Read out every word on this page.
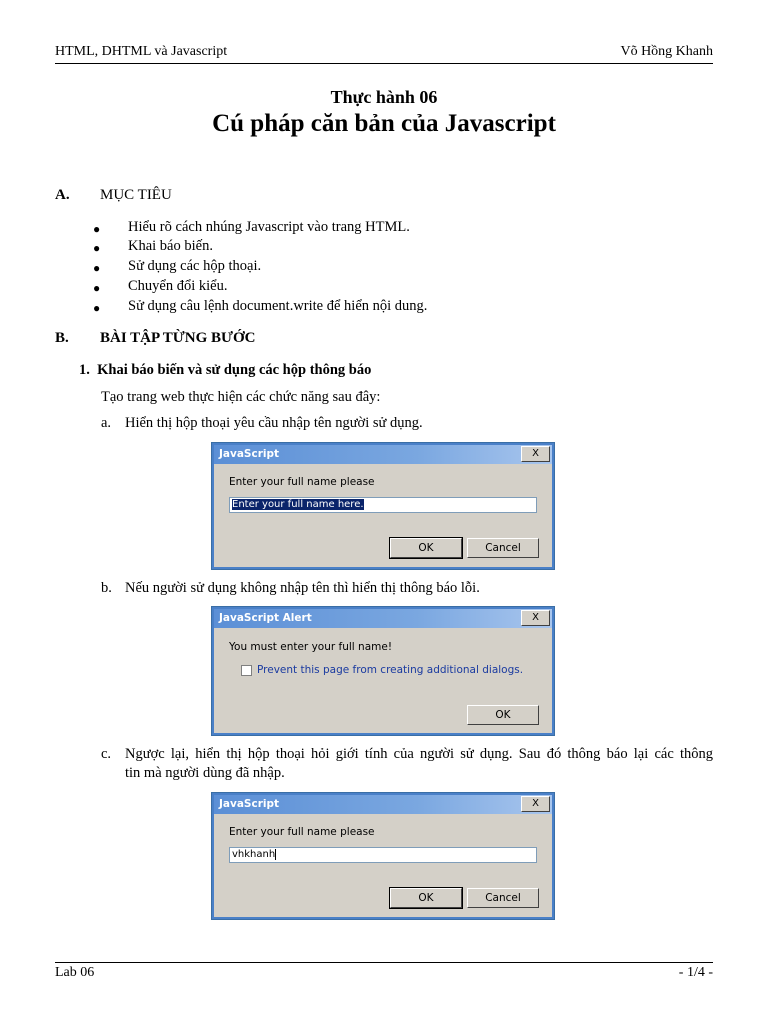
HTML, DHTML và Javascript	Võ Hồng Khanh
Thực hành 06
Cú pháp căn bản của Javascript
A. MỤC TIÊU
● Hiểu rõ cách nhúng Javascript vào trang HTML.
● Khai báo biến.
● Sử dụng các hộp thoại.
● Chuyển đổi kiểu.
● Sử dụng câu lệnh document.write để hiển nội dung.
B. BÀI TẬP TỪNG BƯỚC
1.  Khai báo biến và sử dụng các hộp thông báo
Tạo trang web thực hiện các chức năng sau đây:
a. Hiển thị hộp thoại yêu cầu nhập tên người sử dụng.
JavaScript	X
Enter your full name please
Enter your full name here.
OK	Cancel
b. Nếu người sử dụng không nhập tên thì hiển thị thông báo lỗi.
JavaScript Alert	X
You must enter your full name!
Prevent this page from creating additional dialogs.
OK
c. Ngược lại, hiển thị hộp thoại hỏi giới tính của người sử dụng. Sau đó thông báo lại các thông
tin mà người dùng đã nhập.
JavaScript	X
Enter your full name please
vhkhanh
OK	Cancel
Lab 06	- 1/4 -
